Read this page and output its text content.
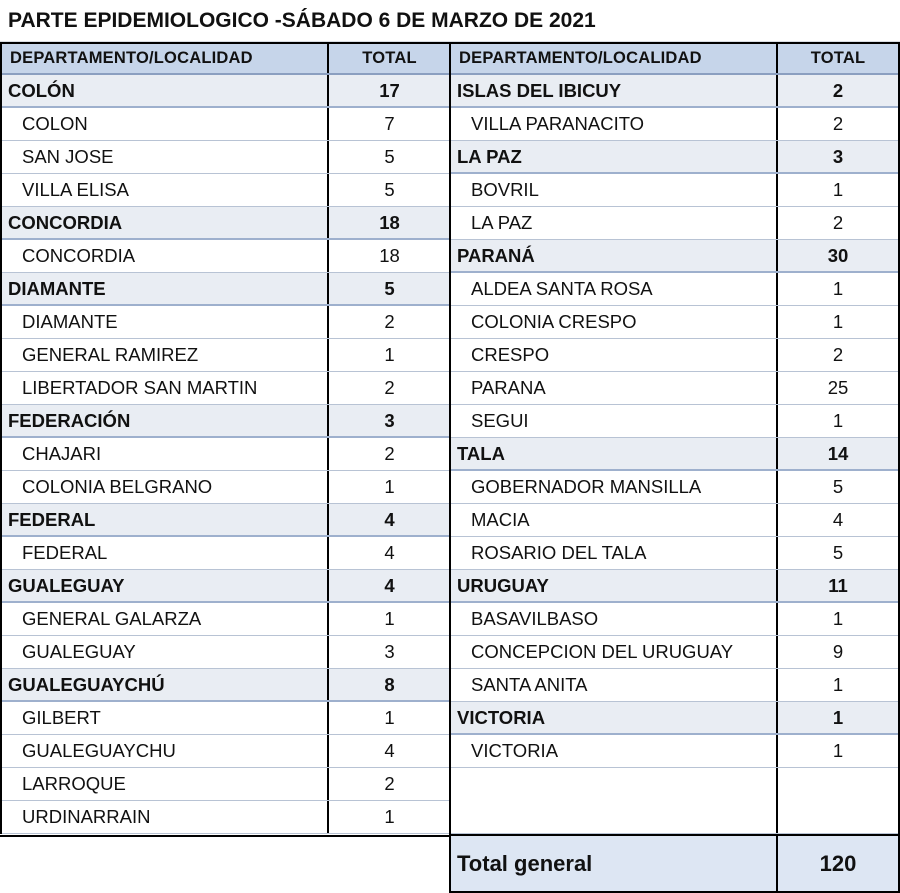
PARTE EPIDEMIOLOGICO -SÁBADO 6 DE MARZO DE 2021
DEPARTAMENTO/LOCALIDAD	TOTAL
COLÓN	17
COLON	7
SAN JOSE	5
VILLA ELISA	5
CONCORDIA	18
CONCORDIA	18
DIAMANTE	5
DIAMANTE	2
GENERAL RAMIREZ	1
LIBERTADOR SAN MARTIN	2
FEDERACIÓN	3
CHAJARI	2
COLONIA BELGRANO	1
FEDERAL	4
FEDERAL	4
GUALEGUAY	4
GENERAL GALARZA	1
GUALEGUAY	3
GUALEGUAYCHÚ	8
GILBERT	1
GUALEGUAYCHU	4
LARROQUE	2
URDINARRAIN	1
DEPARTAMENTO/LOCALIDAD	TOTAL
ISLAS DEL IBICUY	2
VILLA PARANACITO	2
LA PAZ	3
BOVRIL	1
LA PAZ	2
PARANÁ	30
ALDEA SANTA ROSA	1
COLONIA CRESPO	1
CRESPO	2
PARANA	25
SEGUI	1
TALA	14
GOBERNADOR MANSILLA	5
MACIA	4
ROSARIO DEL TALA	5
URUGUAY	11
BASAVILBASO	1
CONCEPCION DEL URUGUAY	9
SANTA ANITA	1
VICTORIA	1
VICTORIA	1
Total general	120
